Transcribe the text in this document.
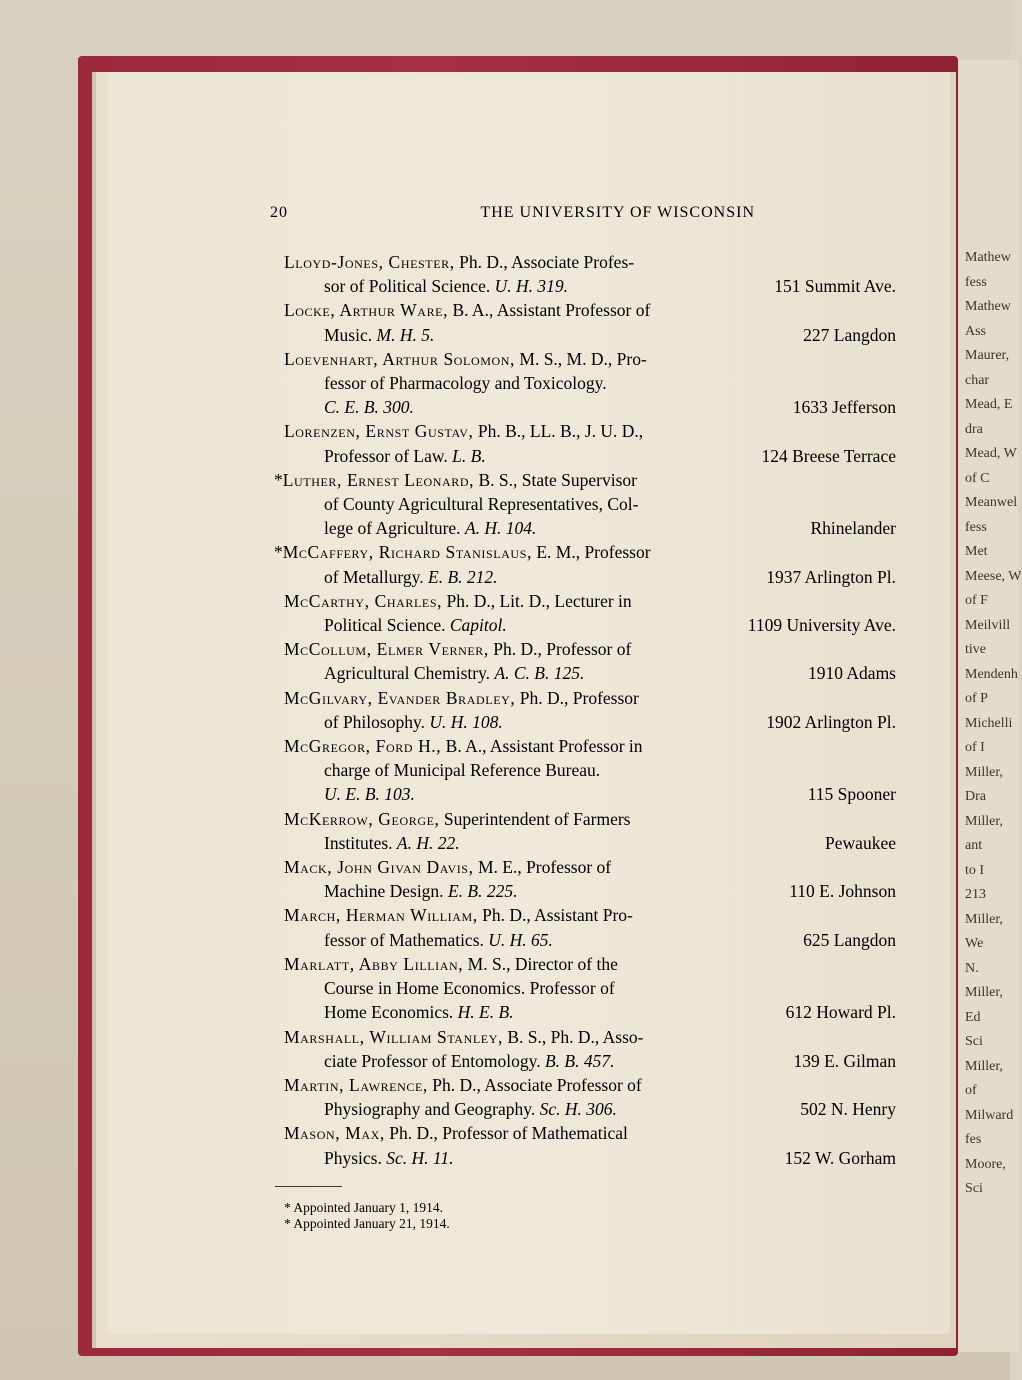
Mathew
fess
Mathew
Ass
Maurer,
char
Mead, E
dra
Mead, W
of C
Meanwel
fess
Met
Meese, W
of F
Meilvill
tive
Mendenh
of P
Michelli
of I
Miller,
Dra
Miller,
ant
to I
213
Miller,
We
N.
Miller,
Ed
Sci
Miller,
of
Milward
fes
Moore,
Sci
20	THE UNIVERSITY OF WISCONSIN
Lloyd-Jones, Chester, Ph. D., Associate Profes-
sor of Political Science. U. H. 319.	151 Summit Ave.
Locke, Arthur Ware, B. A., Assistant Professor of
Music. M. H. 5.	227 Langdon
Loevenhart, Arthur Solomon, M. S., M. D., Pro-
fessor of Pharmacology and Toxicology.
C. E. B. 300.	1633 Jefferson
Lorenzen, Ernst Gustav, Ph. B., LL. B., J. U. D.,
Professor of Law. L. B.	124 Breese Terrace
*Luther, Ernest Leonard, B. S., State Supervisor
of County Agricultural Representatives, Col-
lege of Agriculture. A. H. 104.	Rhinelander
*McCaffery, Richard Stanislaus, E. M., Professor
of Metallurgy. E. B. 212.	1937 Arlington Pl.
McCarthy, Charles, Ph. D., Lit. D., Lecturer in
Political Science. Capitol.	1109 University Ave.
McCollum, Elmer Verner, Ph. D., Professor of
Agricultural Chemistry. A. C. B. 125.	1910 Adams
McGilvary, Evander Bradley, Ph. D., Professor
of Philosophy. U. H. 108.	1902 Arlington Pl.
McGregor, Ford H., B. A., Assistant Professor in
charge of Municipal Reference Bureau.
U. E. B. 103.	115 Spooner
McKerrow, George, Superintendent of Farmers
Institutes. A. H. 22.	Pewaukee
Mack, John Givan Davis, M. E., Professor of
Machine Design. E. B. 225.	110 E. Johnson
March, Herman William, Ph. D., Assistant Pro-
fessor of Mathematics. U. H. 65.	625 Langdon
Marlatt, Abby Lillian, M. S., Director of the
Course in Home Economics. Professor of
Home Economics. H. E. B.	612 Howard Pl.
Marshall, William Stanley, B. S., Ph. D., Asso-
ciate Professor of Entomology. B. B. 457.	139 E. Gilman
Martin, Lawrence, Ph. D., Associate Professor of
Physiography and Geography. Sc. H. 306.	502 N. Henry
Mason, Max, Ph. D., Professor of Mathematical
Physics. Sc. H. 11.	152 W. Gorham
* Appointed January 1, 1914.
* Appointed January 21, 1914.
